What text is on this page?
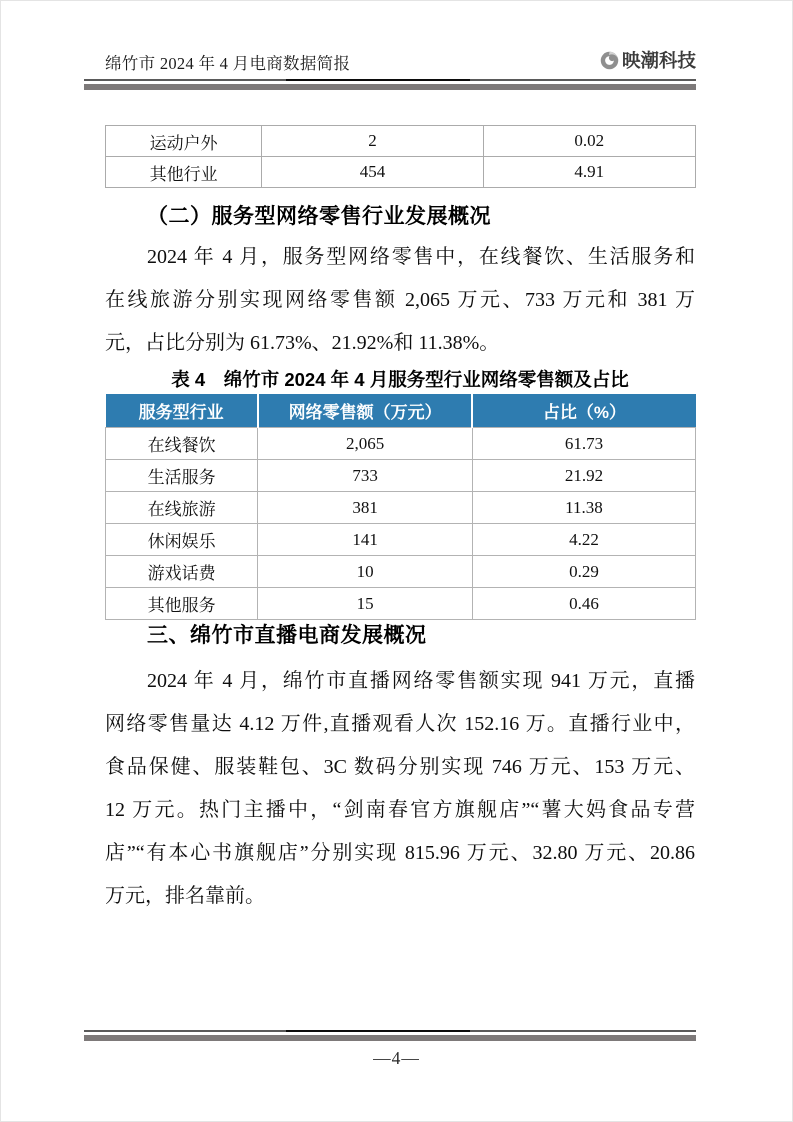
绵竹市 2024 年 4 月电商数据简报	映潮科技
运动户外	2	0.02
其他行业	454	4.91
（二）服务型网络零售行业发展概况
2024 年 4 月，服务型网络零售中，在线餐饮、生活服务和
在线旅游分别实现网络零售额 2,065 万元、733 万元和 381 万
元，占比分别为 61.73%、21.92%和 11.38%。
表 4　绵竹市 2024 年 4 月服务型行业网络零售额及占比
服务型行业	网络零售额（万元）	占比（%）
在线餐饮	2,065	61.73
生活服务	733	21.92
在线旅游	381	11.38
休闲娱乐	141	4.22
游戏话费	10	0.29
其他服务	15	0.46
三、绵竹市直播电商发展概况
2024 年 4 月，绵竹市直播网络零售额实现 941 万元，直播
网络零售量达 4.12 万件,直播观看人次 152.16 万。直播行业中，
食品保健、服装鞋包、3C 数码分别实现 746 万元、153 万元、
12 万元。热门主播中，“剑南春官方旗舰店”“薯大妈食品专营
店”“有本心书旗舰店”分别实现 815.96 万元、32.80 万元、20.86
万元，排名靠前。
—4—
